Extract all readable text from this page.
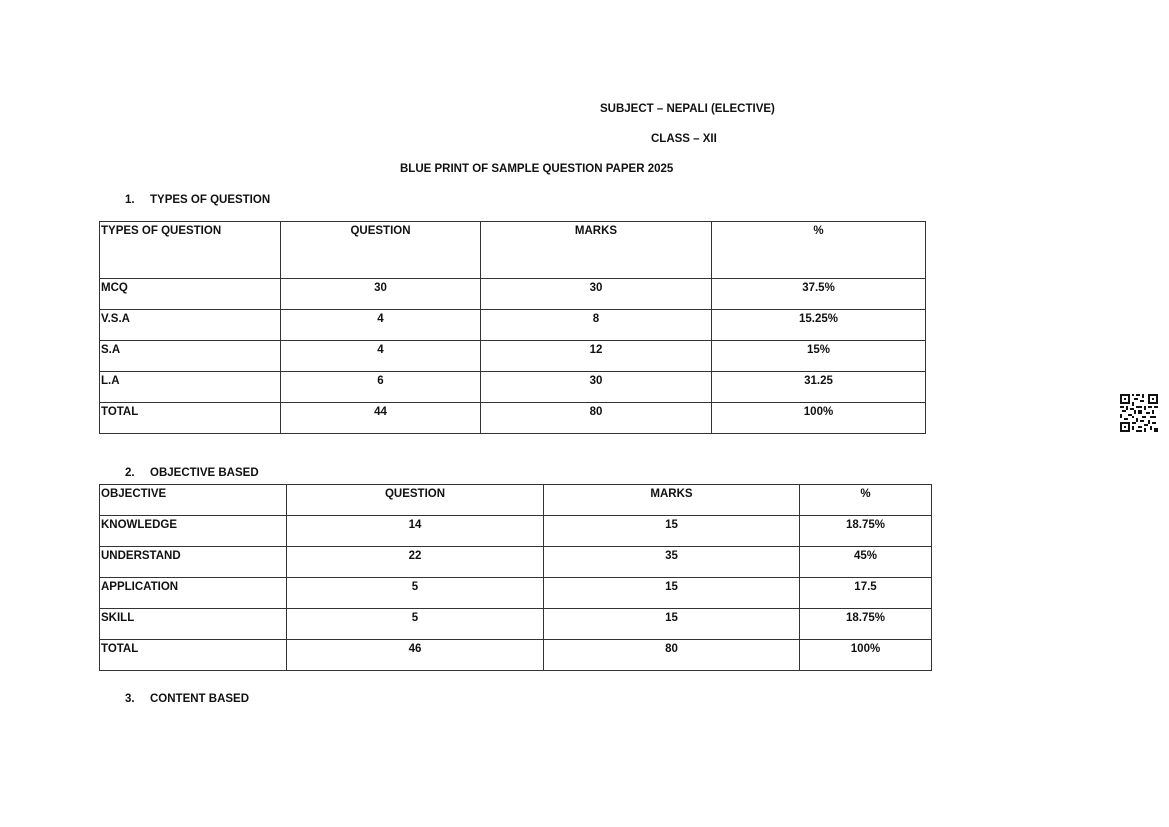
SUBJECT – NEPALI (ELECTIVE)
CLASS – XII
BLUE PRINT OF SAMPLE QUESTION PAPER 2025
1. TYPES OF QUESTION
TYPES OF QUESTION	QUESTION	MARKS	%
MCQ	30	30	37.5%
V.S.A	4	8	15.25%
S.A	4	12	15%
L.A	6	30	31.25
TOTAL	44	80	100%
2. OBJECTIVE BASED
OBJECTIVE	QUESTION	MARKS	%
KNOWLEDGE	14	15	18.75%
UNDERSTAND	22	35	45%
APPLICATION	5	15	17.5
SKILL	5	15	18.75%
TOTAL	46	80	100%
3. CONTENT BASED
